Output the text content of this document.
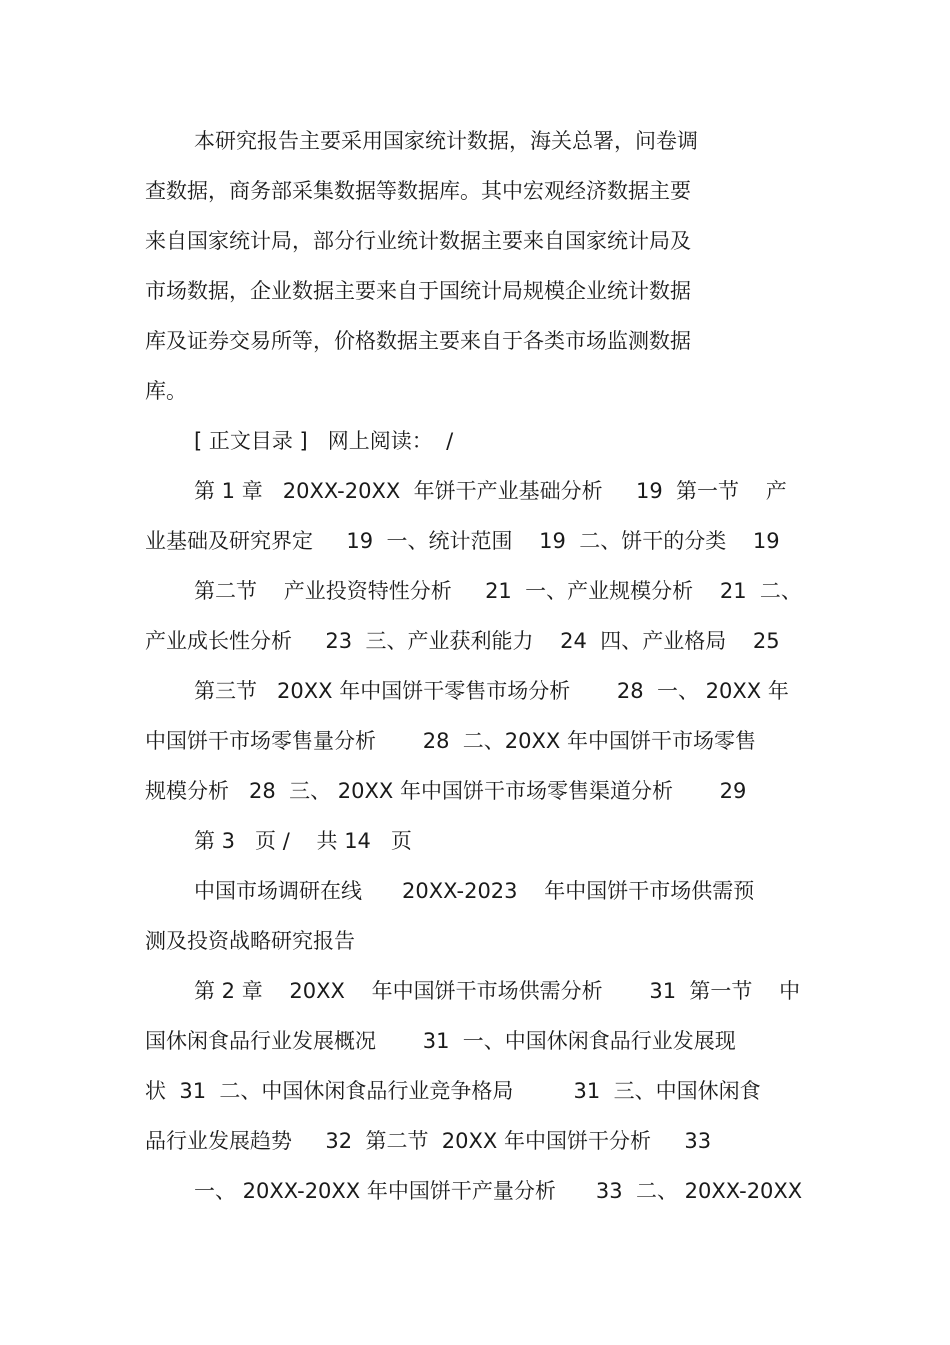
本研究报告主要采用国家统计数据，海关总署，问卷调
查数据，商务部采集数据等数据库。其中宏观经济数据主要
来自国家统计局，部分行业统计数据主要来自国家统计局及
市场数据，企业数据主要来自于国统计局规模企业统计数据
库及证券交易所等，价格数据主要来自于各类市场监测数据
库。
[ 正文目录 ]   网上阅读：  /
第 1 章   20XX-20XX  年饼干产业基础分析     19  第一节    产
业基础及研究界定     19  一、统计范围    19  二、饼干的分类    19
第二节    产业投资特性分析     21  一、产业规模分析    21  二、
产业成长性分析     23  三、产业获利能力    24  四、产业格局    25
第三节   20XX 年中国饼干零售市场分析       28  一、 20XX 年
中国饼干市场零售量分析       28  二、20XX 年中国饼干市场零售
规模分析   28  三、 20XX 年中国饼干市场零售渠道分析       29
第 3   页 /    共 14   页
中国市场调研在线      20XX-2023    年中国饼干市场供需预
测及投资战略研究报告
第 2 章    20XX    年中国饼干市场供需分析       31  第一节    中
国休闲食品行业发展概况       31  一、中国休闲食品行业发展现
状  31  二、中国休闲食品行业竞争格局         31  三、中国休闲食
品行业发展趋势     32  第二节  20XX 年中国饼干分析     33
一、 20XX-20XX 年中国饼干产量分析      33  二、 20XX-20XX
